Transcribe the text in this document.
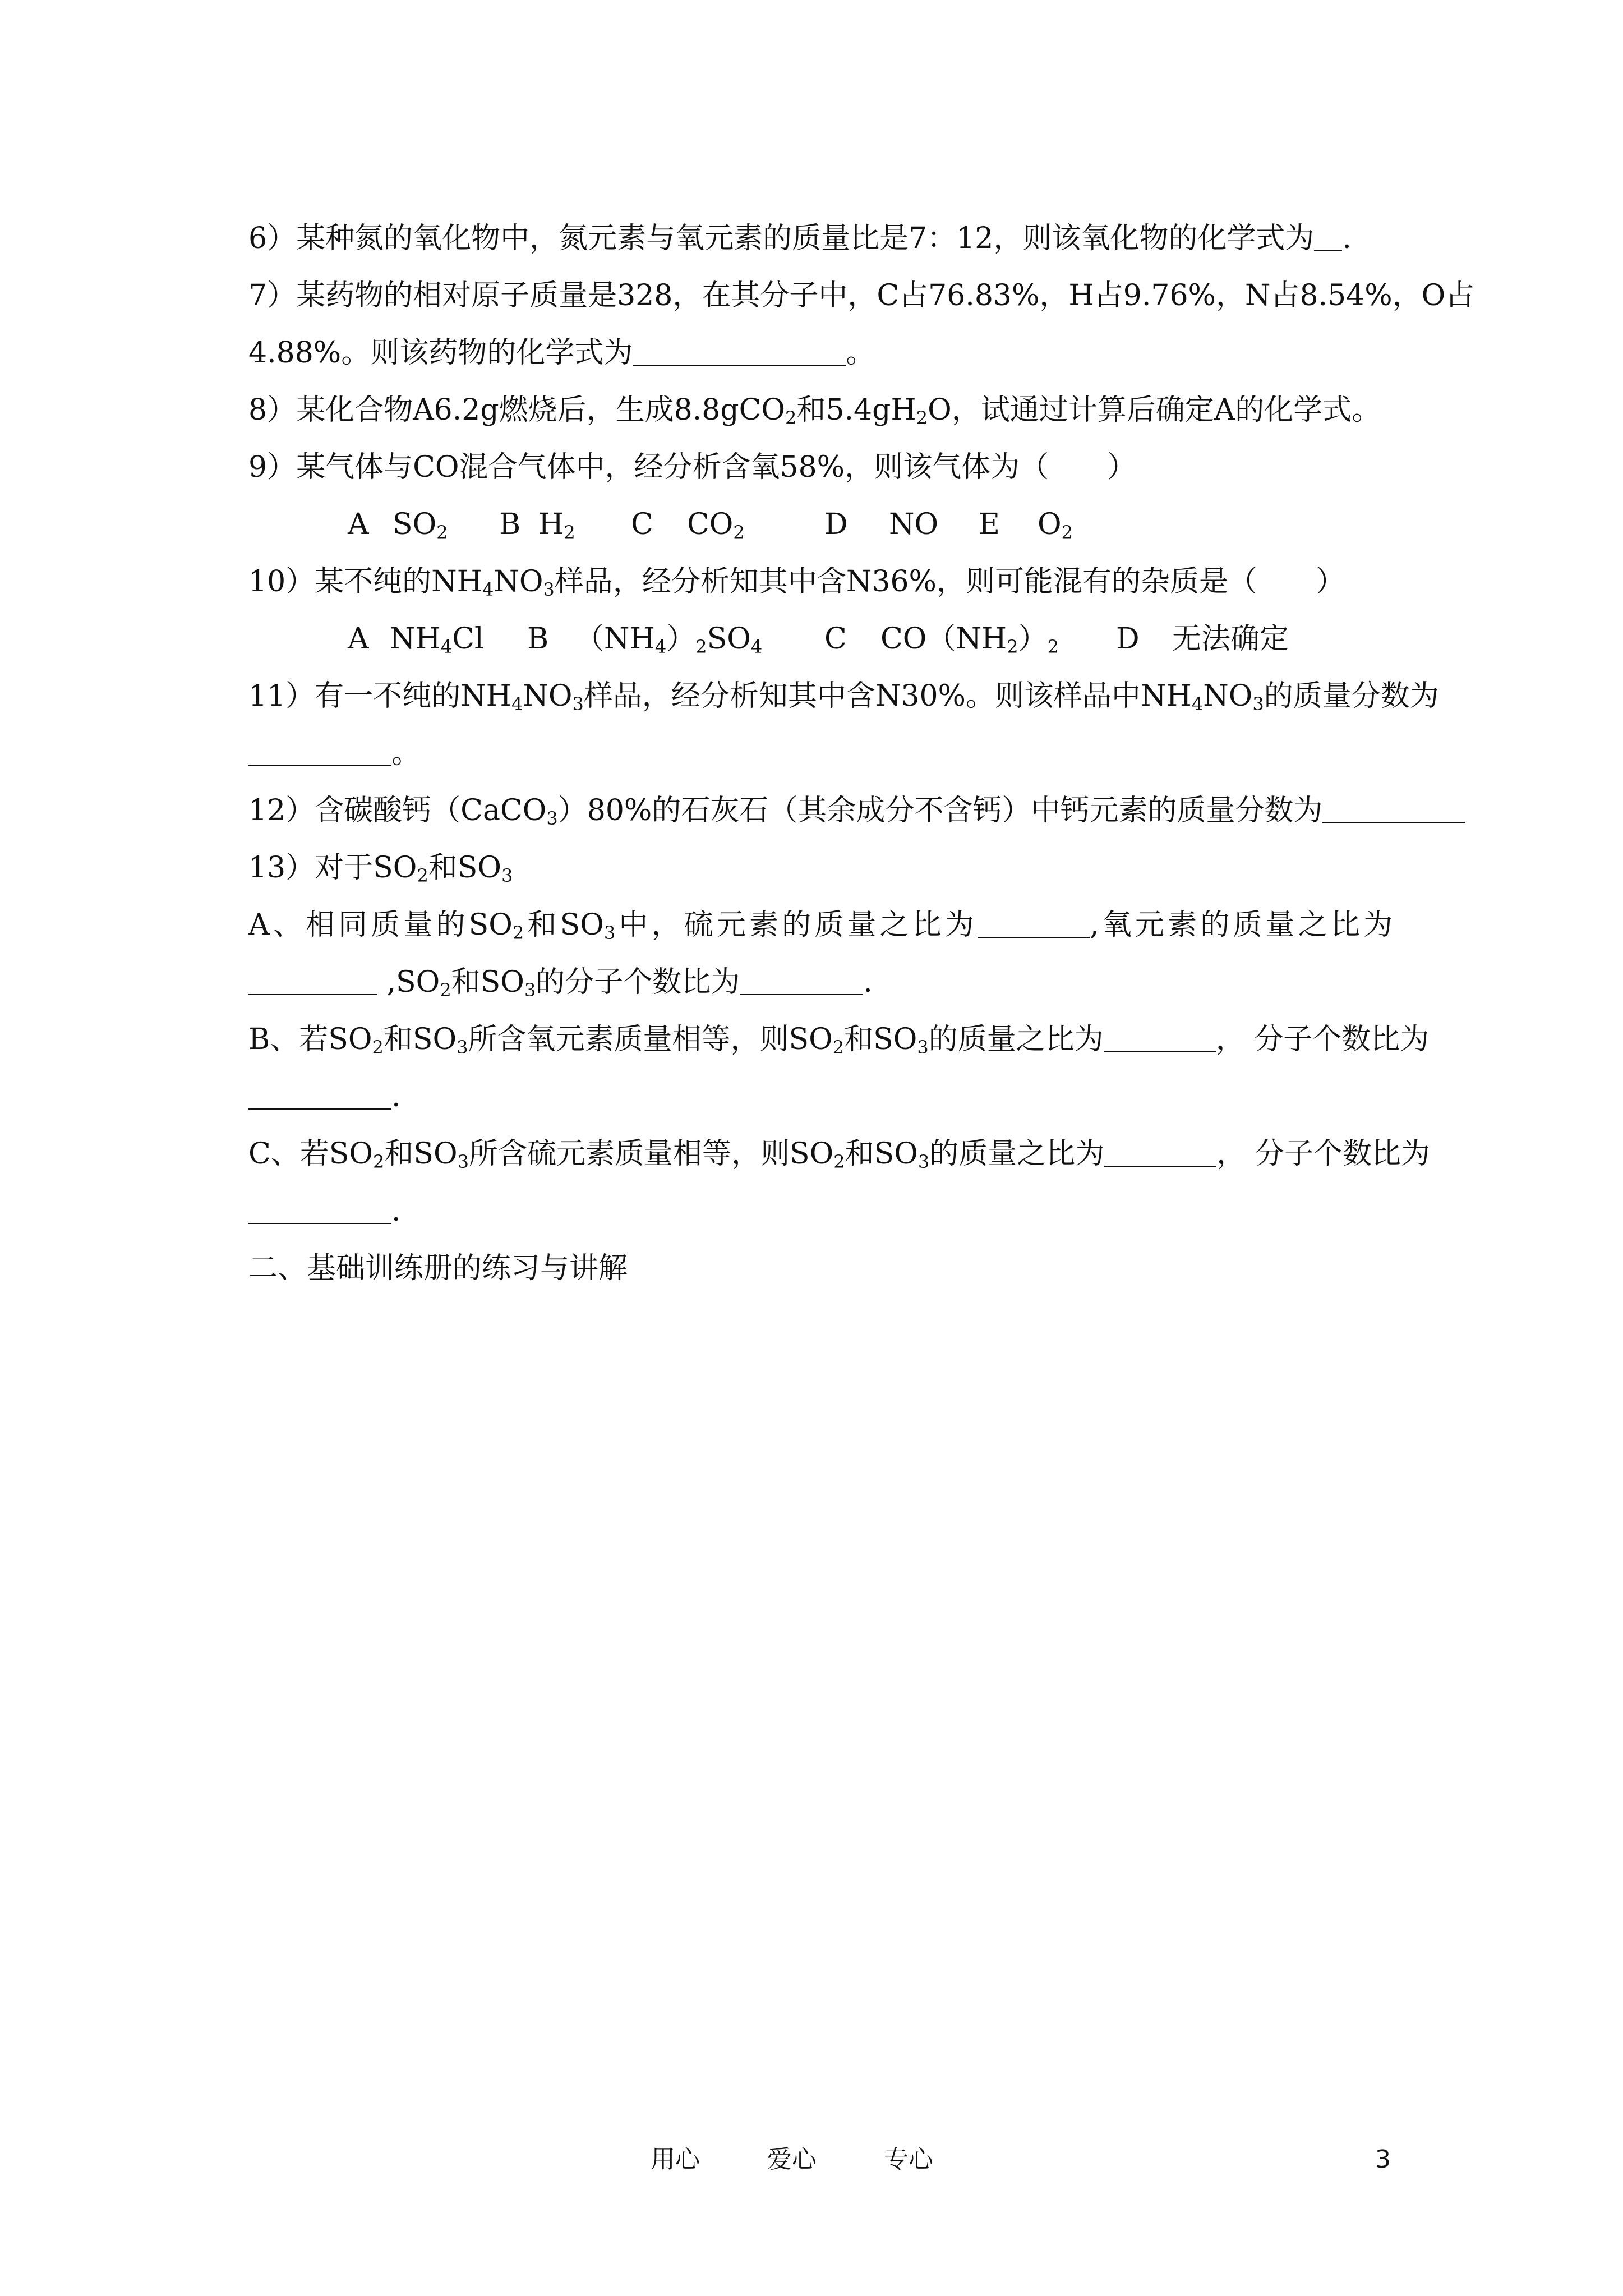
6）某种氮的氧化物中，氮元素与氧元素的质量比是7：12，则该氧化物的化学式为 .
7）某药物的相对原子质量是328，在其分子中，C占76.83%，H占9.76%，N占8.54%，O占
4.88%。则该药物的化学式为	。
8）某化合物A6.2g燃烧后，生成8.8gCO$_2$和$5.4gH_2O$，试通过计算后确定A的化学式。
9）某气体与CO混合气体中，经分析含氧58%，则该气体为（　　）
A $SO_2$ B $H_2$ C $CO_2$	D NO E $O_2$
10）某不纯的$NH_4NO_3$样品，经分析知其中含N36%，则可能混有的杂质是（　　）
A $NH_4Cl$ B $(NH_4)_2SO_4$ C $CO(NH_2)_2$ D 无法确定
11）有一不纯的$NH_4NO_3$样品，经分析知其中含N30%。则该样品中$NH_4NO_3$的质量分数为
。
12）含碳酸钙（CaCO$_3$）80%的石灰石（其余成分不含钙）中钙元素的质量分数为
13）对于$SO_2$和$SO_3$
A、相同质量的$SO_2$和$SO_3$中，硫元素的质量之比为	,氧元素的质量之比为
$,SO_2$和$SO_3$的分子个数比为	.
B、若$SO_2$和$SO_3$所含氧元素质量相等，则$SO_2$和$SO_3$的质量之比为	， 分子个数比为
.
C、若$SO_2$和$SO_3$所含硫元素质量相等，则$SO_2$和$SO_3$的质量之比为	， 分子个数比为
.
二、基础训练册的练习与讲解
用心	爱心	专心	3
